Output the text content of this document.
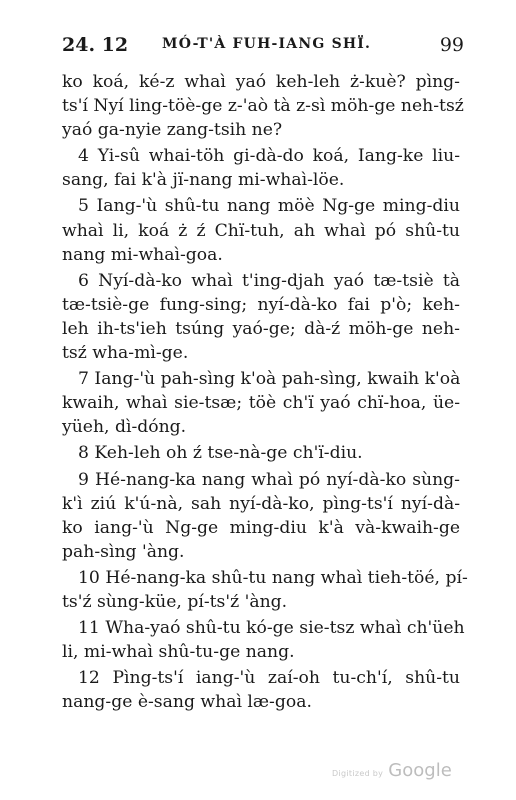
24. 12 MÓ-T'À FUH-IANG SHÏ.	99
ko koá, ké-z whaì yaó keh-leh ż-kuè? pìng-
ts'í Nyí ling-töè-ge z-'aò tà z-sì möh-ge neh-tsź
yaó ga-nyie zang-tsih ne?
4 Yi-sû whai-töh gi-dà-do koá, Iang-ke liu-
sang, fai k'à jï-nang mi-whaì-löe.
5 Iang-'ù shû-tu nang möè Ng-ge ming-diu
whaì li, koá ż ź Chï-tuh, ah whaì pó shû-tu
nang mi-whaì-goa.
6 Nyí-dà-ko whaì t'ing-djah yaó tæ-tsiè tà
tæ-tsiè-ge fung-sing; nyí-dà-ko fai p'ò; keh-
leh ih-ts'ieh tsúng yaó-ge; dà-ź möh-ge neh-
tsź wha-mì-ge.
7 Iang-'ù pah-sìng k'oà pah-sìng, kwaih k'oà
kwaih, whaì sie-tsæ; töè ch'ï yaó chï-hoa, üe-
yüeh, dì-dóng.
8 Keh-leh oh ź tse-nà-ge ch'ï-diu.
9 Hé-nang-ka nang whaì pó nyí-dà-ko sùng-
k'ì ziú k'ú-nà, sah nyí-dà-ko, pìng-ts'í nyí-dà-
ko iang-'ù Ng-ge ming-diu k'à và-kwaih-ge
pah-sìng 'àng.
10 Hé-nang-ka shû-tu nang whaì tieh-töé, pí-
ts'ź sùng-küe, pí-ts'ź 'àng.
11 Wha-yaó shû-tu kó-ge sie-tsz whaì ch'üeh
li, mi-whaì shû-tu-ge nang.
12 Pìng-ts'í iang-'ù zaí-oh tu-ch'í, shû-tu
nang-ge è-sang whaì læ-goa.
Digitized by Google
